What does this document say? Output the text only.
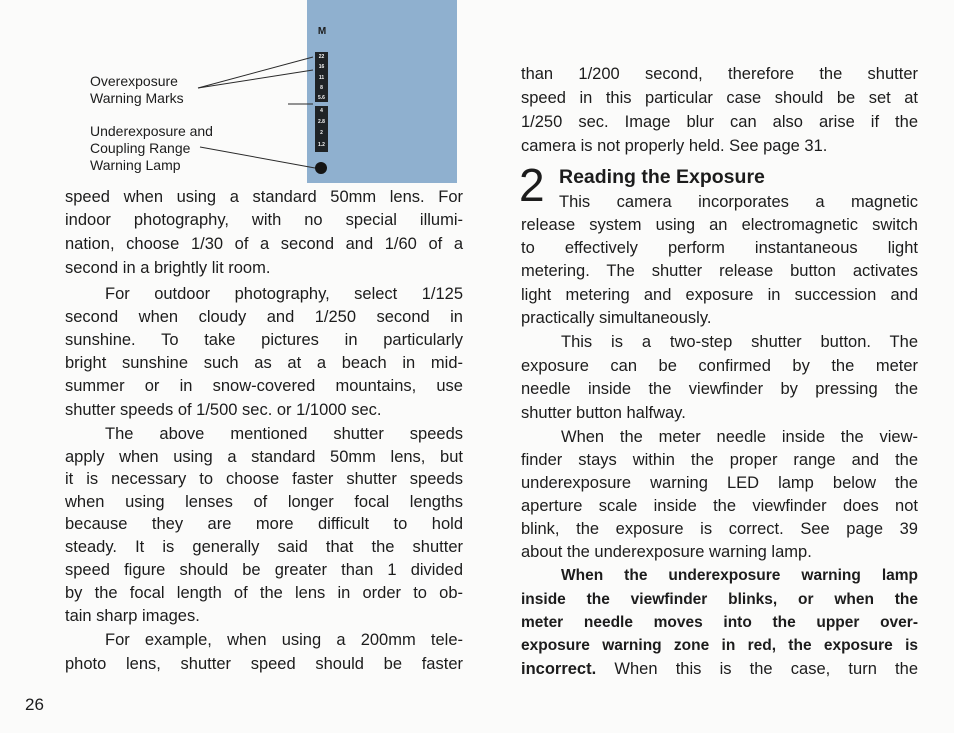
M
22
16
11
8
5.6
4
2.8
2
1.2
Overexposure
Warning Marks
Underexposure and
Coupling Range
Warning Lamp
speed when using a standard 50mm lens. For
indoor photography, with no special illumi-
nation, choose 1/30 of a second and 1/60 of a
second in a brightly lit room.
For outdoor photography, select 1/125
second when cloudy and 1/250 second in
sunshine. To take pictures in particularly
bright sunshine such as at a beach in mid-
summer or in snow-covered mountains, use
shutter speeds of 1/500 sec. or 1/1000 sec.
The above mentioned shutter speeds
apply when using a standard 50mm lens, but
it is necessary to choose faster shutter speeds
when using lenses of longer focal lengths
because they are more difficult to hold
steady. It is generally said that the shutter
speed figure should be greater than 1 divided
by the focal length of the lens in order to ob-
tain sharp images.
For example, when using a 200mm tele-
photo lens, shutter speed should be faster
than 1/200 second, therefore the shutter
speed in this particular case should be set at
1/250 sec. Image blur can also arise if the
camera is not properly held. See page 31.
This camera incorporates a magnetic
release system using an electromagnetic switch
to effectively perform instantaneous light
metering. The shutter release button activates
light metering and exposure in succession and
practically simultaneously.
This is a two-step shutter button. The
exposure can be confirmed by the meter
needle inside the viewfinder by pressing the
shutter button halfway.
When the meter needle inside the view-
finder stays within the proper range and the
underexposure warning LED lamp below the
aperture scale inside the viewfinder does not
blink, the exposure is correct. See page 39
about the underexposure warning lamp.
When the underexposure warning lamp
inside the viewfinder blinks, or when the
meter needle moves into the upper over-
exposure warning zone in red, the exposure is
incorrect. When this is the case, turn the
2 Reading the Exposure
26
